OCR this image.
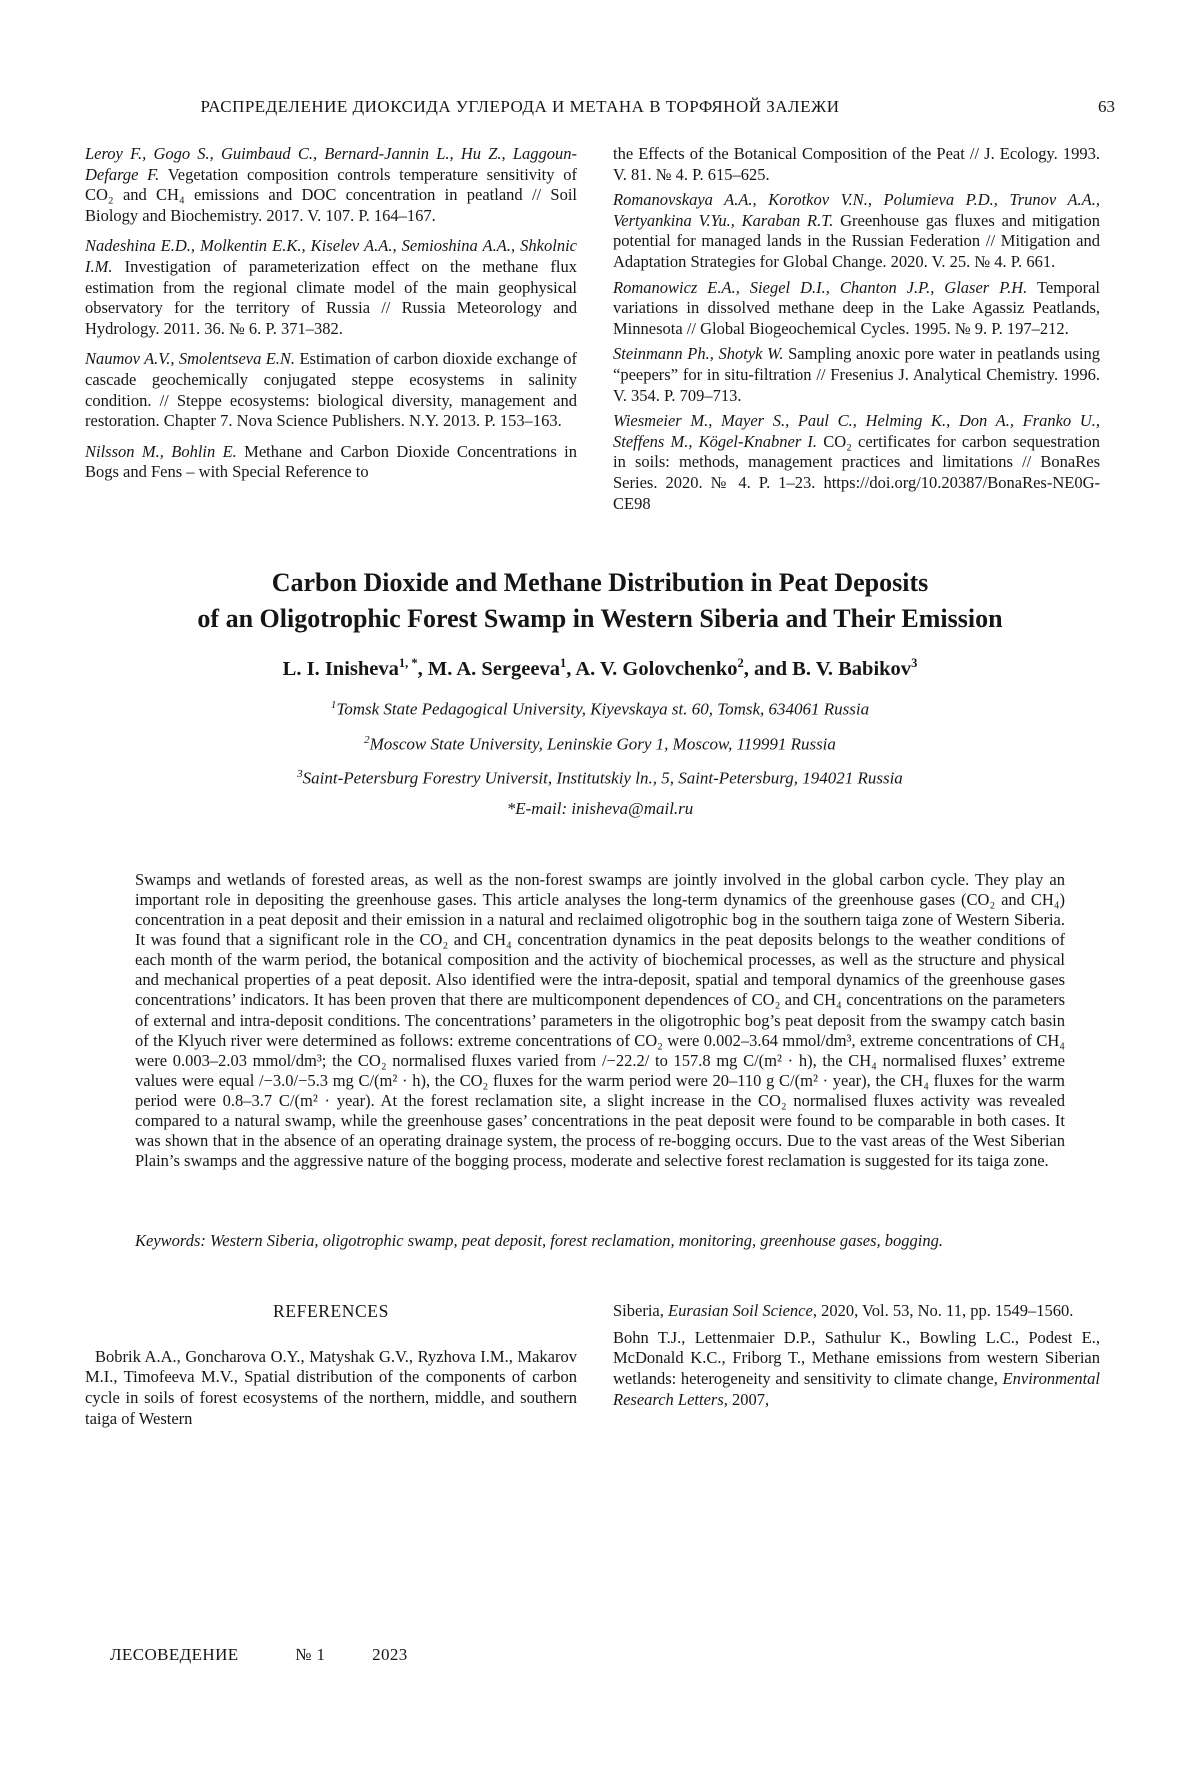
РАСПРЕДЕЛЕНИЕ ДИОКСИДА УГЛЕРОДА И МЕТАНА В ТОРФЯНОЙ ЗАЛЕЖИ	63

Leroy F., Gogo S., Guimbaud C., Bernard-Jannin L., Hu Z., Laggoun-Defarge F. Vegetation composition controls temperature sensitivity of CO₂ and CH₄ emissions and DOC concentration in peatland // Soil Biology and Biochemistry. 2017. V. 107. P. 164–167.

Nadeshina E.D., Molkentin E.K., Kiselev A.A., Semioshina A.A., Shkolnic I.M. Investigation of parameterization effect on the methane flux estimation from the regional climate model of the main geophysical observatory for the territory of Russia // Russia Meteorology and Hydrology. 2011. 36. № 6. P. 371–382.

Naumov A.V., Smolentseva E.N. Estimation of carbon dioxide exchange of cascade geochemically conjugated steppe ecosystems in salinity condition. // Steppe ecosystems: biological diversity, management and restoration. Chapter 7. Nova Science Publishers. N.Y. 2013. P. 153–163.

Nilsson M., Bohlin E. Methane and Carbon Dioxide Concentrations in Bogs and Fens – with Special Reference to

the Effects of the Botanical Composition of the Peat // J. Ecology. 1993. V. 81. № 4. P. 615–625.

Romanovskaya A.A., Korotkov V.N., Polumieva P.D., Trunov A.A., Vertyankina V.Yu., Karaban R.T. Greenhouse gas fluxes and mitigation potential for managed lands in the Russian Federation // Mitigation and Adaptation Strategies for Global Change. 2020. V. 25. № 4. P. 661.

Romanowicz E.A., Siegel D.I., Chanton J.P., Glaser P.H. Temporal variations in dissolved methane deep in the Lake Agassiz Peatlands, Minnesota // Global Biogeochemical Cycles. 1995. № 9. P. 197–212.

Steinmann Ph., Shotyk W. Sampling anoxic pore water in peatlands using “peepers” for in situ-filtration // Fresenius J. Analytical Chemistry. 1996. V. 354. P. 709–713.

Wiesmeier M., Mayer S., Paul C., Helming K., Don A., Franko U., Steffens M., Kögel-Knabner I. CO₂ certificates for carbon sequestration in soils: methods, management practices and limitations // BonaRes Series. 2020. № 4. P. 1–23. https://doi.org/10.20387/BonaRes-NE0G-CE98

Carbon Dioxide and Methane Distribution in Peat Deposits
of an Oligotrophic Forest Swamp in Western Siberia and Their Emission

L. I. Inisheva$^{1, *}$, M. A. Sergeeva$^1$, A. V. Golovchenko$^2$, and B. V. Babikov$^3$

$^1$Tomsk State Pedagogical University, Kiyevskaya st. 60, Tomsk, 634061 Russia
$^2$Moscow State University, Leninskie Gory 1, Moscow, 119991 Russia
$^3$Saint-Petersburg Forestry Universit, Institutskiy ln., 5, Saint-Petersburg, 194021 Russia
*E-mail: inisheva@mail.ru

Swamps and wetlands of forested areas, as well as the non-forest swamps are jointly involved in the global carbon cycle. They play an important role in depositing the greenhouse gases. This article analyses the long-term dynamics of the greenhouse gases (CO₂ and CH₄) concentration in a peat deposit and their emission in a natural and reclaimed oligotrophic bog in the southern taiga zone of Western Siberia. It was found that a significant role in the CO₂ and CH₄ concentration dynamics in the peat deposits belongs to the weather conditions of each month of the warm period, the botanical composition and the activity of biochemical processes, as well as the structure and physical and mechanical properties of a peat deposit. Also identified were the intra-deposit, spatial and temporal dynamics of the greenhouse gases concentrations’ indicators. It has been proven that there are multicomponent dependences of CO₂ and CH₄ concentrations on the parameters of external and intra-deposit conditions. The concentrations’ parameters in the oligotrophic bog’s peat deposit from the swampy catch basin of the Klyuch river were determined as follows: extreme concentrations of CO₂ were 0.002–3.64 mmol/dm³, extreme concentrations of CH₄ were 0.003–2.03 mmol/dm³; the CO₂ normalised fluxes varied from /−22.2/ to 157.8 mg C/(m² · h), the CH₄ normalised fluxes’ extreme values were equal /−3.0/−5.3 mg C/(m² · h), the CO₂ fluxes for the warm period were 20–110 g C/(m² · year), the CH₄ fluxes for the warm period were 0.8–3.7 C/(m² · year). At the forest reclamation site, a slight increase in the CO₂ normalised fluxes activity was revealed compared to a natural swamp, while the greenhouse gases’ concentrations in the peat deposit were found to be comparable in both cases. It was shown that in the absence of an operating drainage system, the process of re-bogging occurs. Due to the vast areas of the West Siberian Plain’s swamps and the aggressive nature of the bogging process, moderate and selective forest reclamation is suggested for its taiga zone.

Keywords: Western Siberia, oligotrophic swamp, peat deposit, forest reclamation, monitoring, greenhouse gases, bogging.

REFERENCES

Bobrik A.A., Goncharova O.Y., Matyshak G.V., Ryzhova I.M., Makarov M.I., Timofeeva M.V., Spatial distribution of the components of carbon cycle in soils of forest ecosystems of the northern, middle, and southern taiga of Western

Siberia, Eurasian Soil Science, 2020, Vol. 53, No. 11, pp. 1549–1560.

Bohn T.J., Lettenmaier D.P., Sathulur K., Bowling L.C., Podest E., McDonald K.C., Friborg T., Methane emissions from western Siberian wetlands: heterogeneity and sensitivity to climate change, Environmental Research Letters, 2007,

ЛЕСОВЕДЕНИЕ	№ 1	2023
